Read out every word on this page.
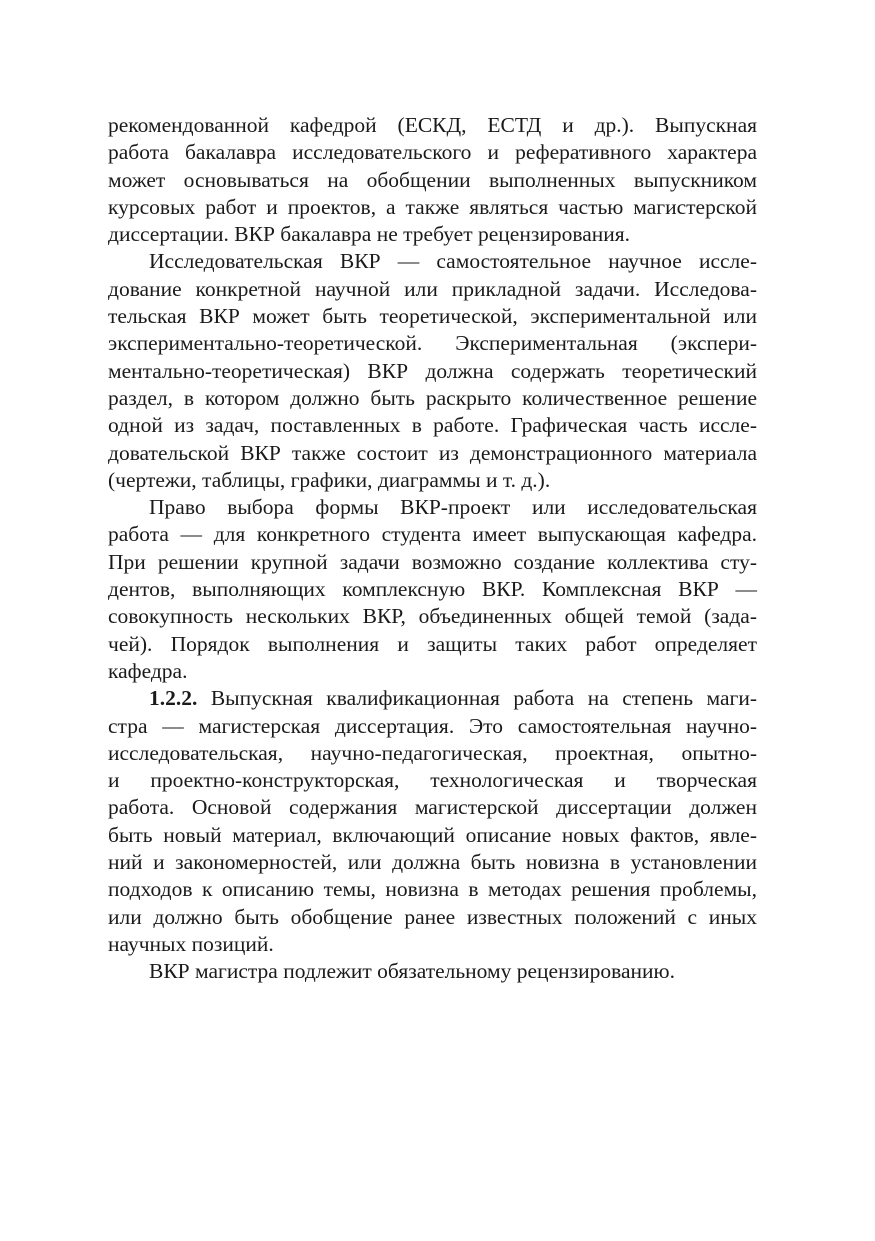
рекомендованной кафедрой (ЕСКД, ЕСТД и др.). Выпускная
работа бакалавра исследовательского и реферативного характера
может основываться на обобщении выполненных выпускником
курсовых работ и проектов, а также являться частью магистерской
диссертации. ВКР бакалавра не требует рецензирования.

Исследовательская ВКР — самостоятельное научное иссле-
дование конкретной научной или прикладной задачи. Исследова-
тельская ВКР может быть теоретической, экспериментальной или
экспериментально-теоретической. Экспериментальная (экспери-
ментально-теоретическая) ВКР должна содержать теоретический
раздел, в котором должно быть раскрыто количественное решение
одной из задач, поставленных в работе. Графическая часть иссле-
довательской ВКР также состоит из демонстрационного материала
(чертежи, таблицы, графики, диаграммы и т. д.).

Право выбора формы ВКР-проект или исследовательская
работа — для конкретного студента имеет выпускающая кафедра.
При решении крупной задачи возможно создание коллектива сту-
дентов, выполняющих комплексную ВКР. Комплексная ВКР —
совокупность нескольких ВКР, объединенных общей темой (зада-
чей). Порядок выполнения и защиты таких работ определяет
кафедра.

1.2.2. Выпускная квалификационная работа на степень маги-
стра — магистерская диссертация. Это самостоятельная научно-
исследовательская, научно-педагогическая, проектная, опытно-
и проектно-конструкторская, технологическая и творческая
работа. Основой содержания магистерской диссертации должен
быть новый материал, включающий описание новых фактов, явле-
ний и закономерностей, или должна быть новизна в установлении
подходов к описанию темы, новизна в методах решения проблемы,
или должно быть обобщение ранее известных положений с иных
научных позиций.

ВКР магистра подлежит обязательному рецензированию.
